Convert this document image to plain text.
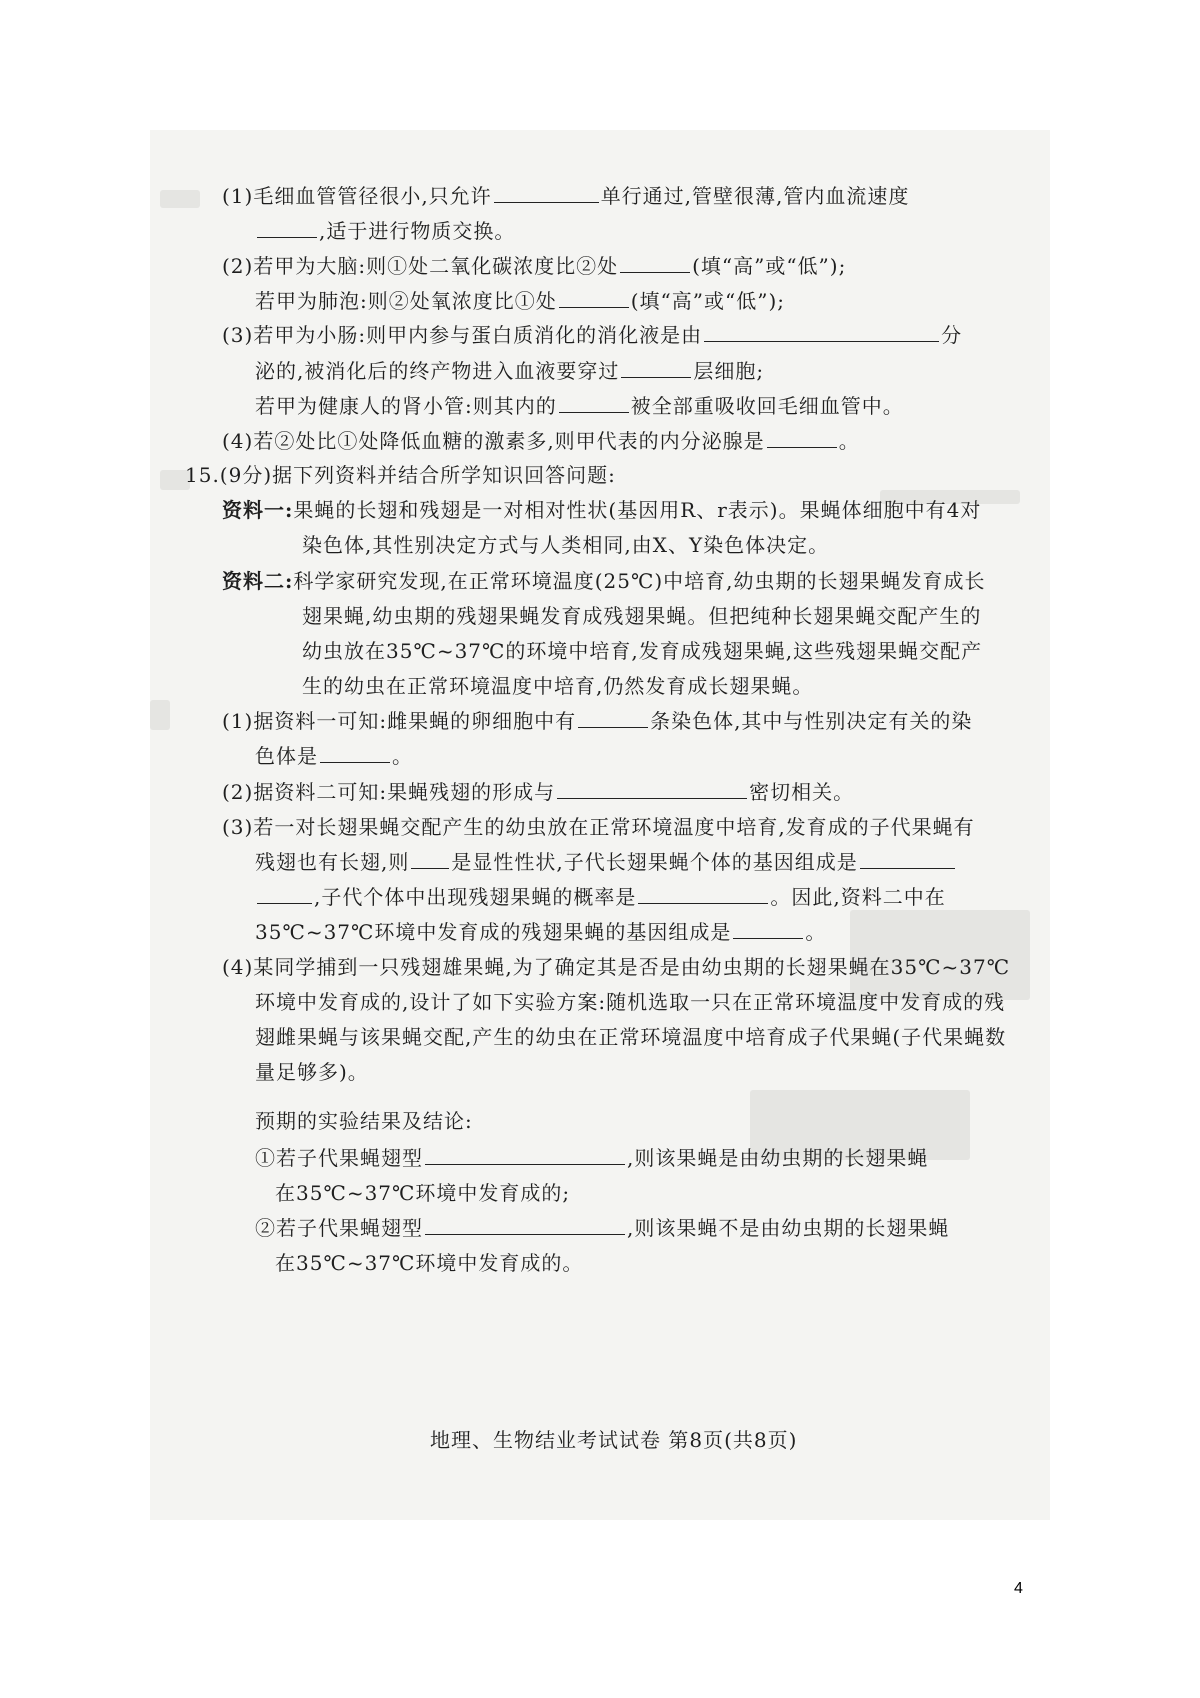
(1)毛细血管管径很小,只允许	单行通过,管壁很薄,管内血流速度
,适于进行物质交换。
(2)若甲为大脑:则①处二氧化碳浓度比②处	(填“高”或“低”);
若甲为肺泡:则②处氧浓度比①处	(填“高”或“低”);
(3)若甲为小肠:则甲内参与蛋白质消化的消化液是由	分
泌的,被消化后的终产物进入血液要穿过	层细胞;
若甲为健康人的肾小管:则其内的	被全部重吸收回毛细血管中。
(4)若②处比①处降低血糖的激素多,则甲代表的内分泌腺是	。
15.(9分)据下列资料并结合所学知识回答问题:
资料一:果蝇的长翅和残翅是一对相对性状(基因用R、r表示)。果蝇体细胞中有4对
染色体,其性别决定方式与人类相同,由X、Y染色体决定。
资料二:科学家研究发现,在正常环境温度(25℃)中培育,幼虫期的长翅果蝇发育成长
翅果蝇,幼虫期的残翅果蝇发育成残翅果蝇。但把纯种长翅果蝇交配产生的
幼虫放在35℃~37℃的环境中培育,发育成残翅果蝇,这些残翅果蝇交配产
生的幼虫在正常环境温度中培育,仍然发育成长翅果蝇。
(1)据资料一可知:雌果蝇的卵细胞中有	条染色体,其中与性别决定有关的染
色体是	。
(2)据资料二可知:果蝇残翅的形成与	密切相关。
(3)若一对长翅果蝇交配产生的幼虫放在正常环境温度中培育,发育成的子代果蝇有
残翅也有长翅,则 是显性性状,子代长翅果蝇个体的基因组成是
,子代个体中出现残翅果蝇的概率是	。因此,资料二中在
35℃~37℃环境中发育成的残翅果蝇的基因组成是	。
(4)某同学捕到一只残翅雄果蝇,为了确定其是否是由幼虫期的长翅果蝇在35℃~37℃
环境中发育成的,设计了如下实验方案:随机选取一只在正常环境温度中发育成的残
翅雌果蝇与该果蝇交配,产生的幼虫在正常环境温度中培育成子代果蝇(子代果蝇数
量足够多)。
预期的实验结果及结论:
①若子代果蝇翅型	,则该果蝇是由幼虫期的长翅果蝇
在35℃~37℃环境中发育成的;
②若子代果蝇翅型	,则该果蝇不是由幼虫期的长翅果蝇
在35℃~37℃环境中发育成的。
地理、生物结业考试试卷 第8页(共8页)
4
